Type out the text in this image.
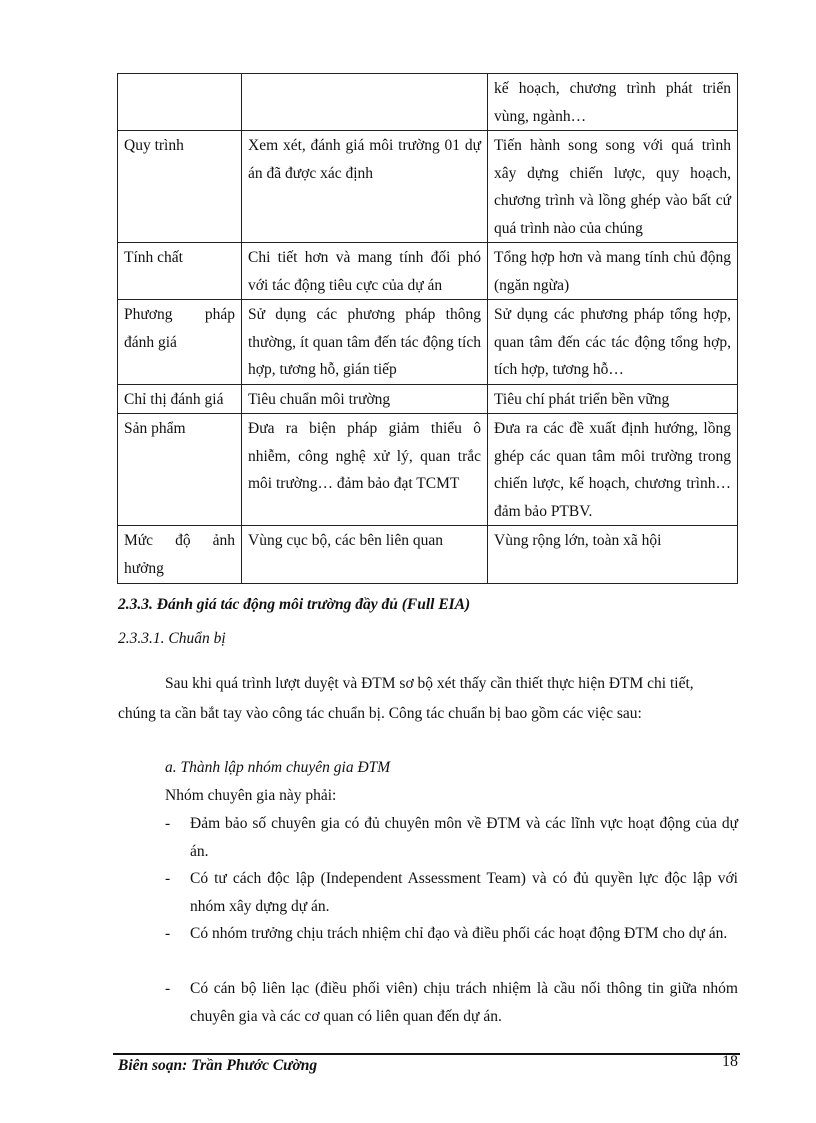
		kế hoạch, chương trình phát triển vùng, ngành…
Quy trình	Xem xét, đánh giá môi trường 01 dự án đã được xác định	Tiến hành song song với quá trình xây dựng chiến lược, quy hoạch, chương trình và lồng ghép vào bất cứ quá trình nào của chúng
Tính chất	Chi tiết hơn và mang tính đối phó với tác động tiêu cực của dự án	Tổng hợp hơn và mang tính chủ động (ngăn ngừa)
Phương pháp đánh giá	Sử dụng các phương pháp thông thường, ít quan tâm đến tác động tích hợp, tương hỗ, gián tiếp	Sử dụng các phương pháp tổng hợp, quan tâm đến các tác động tổng hợp, tích hợp, tương hỗ…
Chỉ thị đánh giá	Tiêu chuẩn môi trường	Tiêu chí phát triển bền vững
Sản phẩm	Đưa ra biện pháp giảm thiểu ô nhiễm, công nghệ xử lý, quan trắc môi trường… đảm bảo đạt TCMT	Đưa ra các đề xuất định hướng, lồng ghép các quan tâm môi trường trong chiến lược, kế hoạch, chương trình… đảm bảo PTBV.
Mức độ ảnh hưởng	Vùng cục bộ, các bên liên quan	Vùng rộng lớn, toàn xã hội
2.3.3. Đánh giá tác động môi trường đầy đủ (Full EIA)
2.3.3.1. Chuẩn bị
Sau khi quá trình lượt duyệt và ĐTM sơ bộ xét thấy cần thiết thực hiện ĐTM chi tiết,
chúng ta cần bắt tay vào công tác chuẩn bị. Công tác chuẩn bị bao gồm các việc sau:
a. Thành lập nhóm chuyên gia ĐTM
Nhóm chuyên gia này phải:
- Đảm bảo số chuyên gia có đủ chuyên môn về ĐTM và các lĩnh vực hoạt động của dự án.
- Có tư cách độc lập (Independent Assessment Team) và có đủ quyền lực độc lập với nhóm xây dựng dự án.
- Có nhóm trưởng chịu trách nhiệm chỉ đạo và điều phối các hoạt động ĐTM cho dự án.
- Có cán bộ liên lạc (điều phối viên) chịu trách nhiệm là cầu nối thông tin giữa nhóm chuyên gia và các cơ quan có liên quan đến dự án.
Biên soạn: Trần Phước Cường	18
